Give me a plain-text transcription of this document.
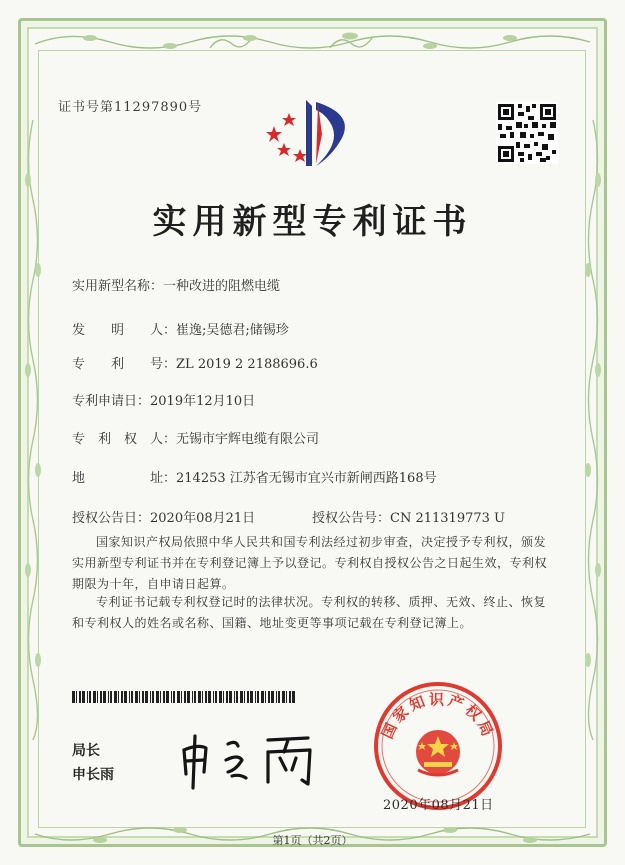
证书号第11297890号
实用新型专利证书
实用新型名称：一种改进的阻燃电缆
发　　明　　人：崔逸;吴德君;储锡珍
专　　利　　号：ZL 2019 2 2188696.6
专利申请日：2019年12月10日
专　利　权　人：无锡市宇辉电缆有限公司
地　　　　　址：214253 江苏省无锡市宜兴市新闸西路168号
授权公告日：2020年08月21日	授权公告号：CN 211319773 U
国家知识产权局依照中华人民共和国专利法经过初步审查，决定授予专利权，颁发实用新型专利证书并在专利登记簿上予以登记。专利权自授权公告之日起生效，专利权期限为十年，自申请日起算。
专利证书记载专利权登记时的法律状况。专利权的转移、质押、无效、终止、恢复和专利权人的姓名或名称、国籍、地址变更等事项记载在专利登记簿上。
局长
申长雨
国家知识产权局
2020年08月21日
第1页（共2页）
